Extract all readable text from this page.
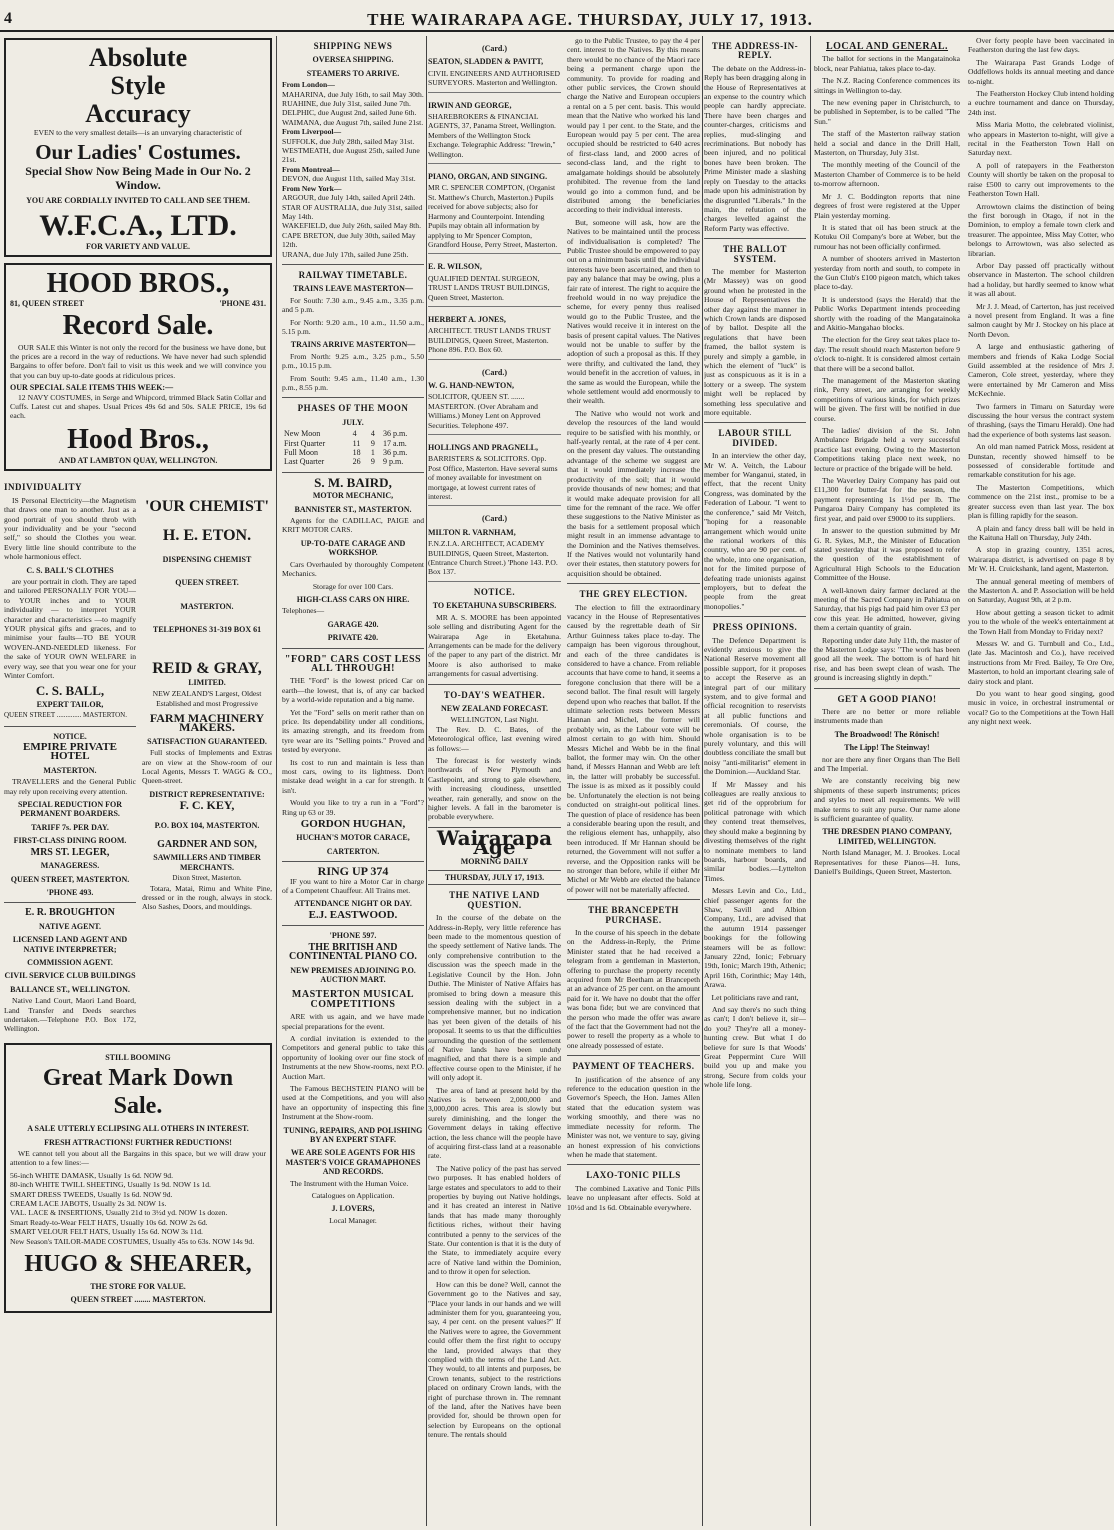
4	THE WAIRARAPA AGE. THURSDAY, JULY 17, 1913.
Absolute
Style
Accuracy

EVEN to the very smallest details—is an unvarying characteristic of

Our Ladies' Costumes.
Special Show Now Being Made in Our No. 2 Window.
YOU ARE CORDIALLY INVITED TO CALL AND SEE THEM.
W.F.C.A., LTD.
FOR VARIETY AND VALUE.
HOOD BROS.,
81, QUEEN STREET	'PHONE 431.
Record Sale.

OUR SALE this Winter is not only the record for the business we have done, but the prices are a record in the way of reductions. We have never had such splendid Bargains to offer before. Don't fail to visit us this week and we will convince you that you can buy up-to-date goods at ridiculous prices.

OUR SPECIAL SALE ITEMS THIS WEEK:—

12 NAVY COSTUMES, in Serge and Whipcord, trimmed Black Satin Collar and Cuffs. Latest cut and shapes. Usual Prices 49s 6d and 50s. SALE PRICE, 19s 6d each.

Hood Bros.,
AND AT LAMBTON QUAY, WELLINGTON.
INDIVIDUALITY

IS Personal Electricity—the Magnetism that draws one man to another. Just as a good portrait of you should throb with your individuality and be your "second self," so should the Clothes you wear. Every little line should contribute to the whole harmonious effect.

C. S. BALL'S CLOTHES

are your portrait in cloth. They are taped and tailored PERSONALLY FOR YOU—to YOUR inches and to YOUR individuality — to interpret YOUR character and characteristics —to magnify YOUR physical gifts and graces, and to minimise your faults—TO BE YOUR WOVEN-AND-NEEDLED likeness. For the sake of YOUR OWN WELFARE in every way, see that you wear one for your Winter Comfort.

C. S. BALL,
EXPERT TAILOR,
QUEEN STREET .............. MASTERTON.
NOTICE.
EMPIRE PRIVATE HOTEL
MASTERTON.

TRAVELLERS and the General Public may rely upon receiving every attention.

SPECIAL REDUCTION FOR PERMANENT BOARDERS.
TARIFF 7s. PER DAY.
FIRST-CLASS DINING ROOM.
MRS ST. LEGER,
MANAGERESS.
QUEEN STREET, MASTERTON.
'PHONE 493.
E. R. BROUGHTON
NATIVE AGENT.
LICENSED LAND AGENT AND NATIVE INTERPRETER;
COMMISSION AGENT.
CIVIL SERVICE CLUB BUILDINGS
BALLANCE ST., WELLINGTON.

Native Land Court, Maori Land Board, Land Transfer and Deeds searches undertaken.—Telephone P.O. Box 172, Wellington.

'OUR CHEMIST'
H. E. ETON.
DISPENSING CHEMIST
QUEEN STREET.
MASTERTON.
TELEPHONES 31-319 BOX 61
REID & GRAY,
LIMITED.

NEW ZEALAND'S Largest, Oldest Established and most Progressive

FARM MACHINERY MAKERS.
SATISFACTION GUARANTEED.

Full stocks of Implements and Extras are on view at the Show-room of our Local Agents, Messrs T. WAGG & CO., Queen-street.

DISTRICT REPRESENTATIVE:
F. C. KEY,
P.O. BOX 104, MASTERTON.
GARDNER AND SON,
SAWMILLERS AND TIMBER MERCHANTS.
Dixon Street, Masterton.

Totara, Matai, Rimu and White Pine, dressed or in the rough, always in stock. Also Sashes, Doors, and mouldings.

STILL BOOMING
Great Mark Down
Sale.
A SALE UTTERLY ECLIPSING ALL OTHERS IN INTEREST.
FRESH ATTRACTIONS! FURTHER REDUCTIONS!

WE cannot tell you about all the Bargains in this space, but we will draw your attention to a few lines:—

56-inch WHITE DAMASK, Usually 1s 6d. NOW 9d.
80-inch WHITE TWILL SHEETING, Usually 1s 9d. NOW 1s 1d.
SMART DRESS TWEEDS, Usually 1s 6d. NOW 9d.
CREAM LACE JABOTS, Usually 2s 3d. NOW 1s.
VAL. LACE & INSERTIONS, Usually 21d to 3½d yd. NOW 1s dozen.
Smart Ready-to-Wear FELT HATS, Usually 10s 6d. NOW 2s 6d.
SMART VELOUR FELT HATS, Usually 15s 6d. NOW 3s 11d.
New Season's TAILOR-MADE COSTUMES, Usually 45s to 63s. NOW 14s 9d.
HUGO & SHEARER,
THE STORE FOR VALUE.
QUEEN STREET ........ MASTERTON.
SHIPPING NEWS
OVERSEA SHIPPING.
STEAMERS TO ARRIVE.
From London—
MAHARINA, due July 16th, to sail May 30th.
RUAHINE, due July 31st, sailed June 7th.
DELPHIC, due August 2nd, sailed June 6th.
WAIMANA, due August 7th, sailed June 21st.
From Liverpool—
SUFFOLK, due July 28th, sailed May 31st.
WESTMEATH, due August 25th, sailed June 21st.
From Montreal—
DEVON, due August 11th, sailed May 31st.
From New York—
ARGOUR, due July 14th, sailed April 24th.
STAR OF AUSTRALIA, due July 31st, sailed May 14th.
WAKEFIELD, due July 26th, sailed May 8th.
CAPE BRETON, due July 30th, sailed May 12th.
URANA, due July 17th, sailed June 25th.
RAILWAY TIMETABLE.
TRAINS LEAVE MASTERTON—

For South: 7.30 a.m., 9.45 a.m., 3.35 p.m. and 5 p.m.

For North: 9.20 a.m., 10 a.m., 11.50 a.m., 5.15 p.m.

TRAINS ARRIVE MASTERTON—

From North: 9.25 a.m., 3.25 p.m., 5.50 p.m., 10.15 p.m.

From South: 9.45 a.m., 11.40 a.m., 1.30 p.m., 8.55 p.m.

PHASES OF THE MOON
JULY.
New Moon	4	4	36 p.m.
First Quarter	11	9	17 a.m.
Full Moon	18	1	36 p.m.
Last Quarter	26	9	9 p.m.
S. M. BAIRD,
MOTOR MECHANIC,
BANNISTER ST., MASTERTON.

Agents for the CADILLAC, PAIGE and KRIT MOTOR CARS.

UP-TO-DATE CARAGE AND WORKSHOP.

Cars Overhauled by thoroughly Competent Mechanics.

Storage for over 100 Cars.
HIGH-CLASS CARS ON HIRE.
Telephones—
GARAGE 420.
PRIVATE 420.
"FORD" CARS COST LESS ALL THROUGH!

THE "Ford" is the lowest priced Car on earth—the lowest, that is, of any car backed by a world-wide reputation and a big name.

Yet the "Ford" sells on merit rather than on price. Its dependability under all conditions, its amazing strength, and its freedom from tyre wear are its "Selling points." Proved and tested by everyone.

Its cost to run and maintain is less than most cars, owing to its lightness. Don't mistake dead weight in a car for strength. It isn't.

Would you like to try a run in a "Ford"? Ring up 63 or 39.

GORDON HUGHAN,
HUCHAN'S MOTOR CARACE,
CARTERTON.
RING UP 374

IF you want to hire a Motor Car in charge of a Competent Chauffeur. All Trains met.

ATTENDANCE NIGHT OR DAY.
E.J. EASTWOOD.
'PHONE 597.
THE BRITISH AND CONTINENTAL PIANO CO.
NEW PREMISES ADJOINING P.O. AUCTION MART.
MASTERTON MUSICAL COMPETITIONS

ARE with us again, and we have made special preparations for the event.

A cordial invitation is extended to the Competitors and general public to take this opportunity of looking over our fine stock of Instruments at the new Show-rooms, next P.O. Auction Mart.

The Famous BECHSTEIN PIANO will be used at the Competitions, and you will also have an opportunity of inspecting this fine Instrument at the Show-room.

TUNING, REPAIRS, AND POLISHING BY AN EXPERT STAFF.
WE ARE SOLE AGENTS FOR HIS MASTER'S VOICE GRAMAPHONES AND RECORDS.

The Instrument with the Human Voice.

Catalogues on Application.
J. LOVERS,
Local Manager.
(Card.)
SEATON, SLADDEN & PAVITT,
CIVIL ENGINEERS AND AUTHORISED SURVEYORS. Masterton and Wellington.
IRWIN AND GEORGE,
SHAREBROKERS & FINANCIAL AGENTS, 37, Panama Street, Wellington. Members of the Wellington Stock Exchange. Telegraphic Address: "Irewin," Wellington.
PIANO, ORGAN, AND SINGING.
MR C. SPENCER COMPTON, (Organist St. Matthew's Church, Masterton.) Pupils received for above subjects; also for Harmony and Counterpoint. Intending Pupils may obtain all information by applying to Mr Spencer Compton, Grandford House, Perry Street, Masterton.
E. R. WILSON,
QUALIFIED DENTAL SURGEON, TRUST LANDS TRUST BUILDINGS, Queen Street, Masterton.
HERBERT A. JONES,
ARCHITECT. TRUST LANDS TRUST BUILDINGS, Queen Street, Masterton. Phone 896. P.O. Box 60.
(Card.)
W. G. HAND-NEWTON,
SOLICITOR, QUEEN ST. ....... MASTERTON. (Over Abraham and Williams.) Money Lent on Approved Securities. Telephone 497.
HOLLINGS AND PRAGNELL,
BARRISTERS & SOLICITORS. Opp. Post Office, Masterton. Have several sums of money available for investment on mortgage, at lowest current rates of interest.
(Card.)
MILTON R. VARNHAM,
F.N.Z.I.A. ARCHITECT, ACADEMY BUILDINGS, Queen Street, Masterton. (Entrance Church Street.) 'Phone 143. P.O. Box 137.
NOTICE.
TO EKETAHUNA SUBSCRIBERS.

MR A. S. MOORE has been appointed sole selling and distributing Agent for the Wairarapa Age in Eketahuna. Arrangements can be made for the delivery of the paper to any part of the district. Mr Moore is also authorised to make arrangements for casual advertising.

TO-DAY'S WEATHER.
NEW ZEALAND FORECAST.
WELLINGTON, Last Night.

The Rev. D. C. Bates, of the Meteorological office, last evening wired as follows:—

The forecast is for westerly winds northwards of New Plymouth and Castlepoint, and strong to gale elsewhere, with increasing cloudiness, unsettled weather, rain generally, and snow on the higher levels. A fall in the barometer is probable everywhere.

Wairarapa Age
MORNING DAILY
THURSDAY, JULY 17, 1913.
THE NATIVE LAND QUESTION.

In the course of the debate on the Address-in-Reply, very little reference has been made to the momentous question of the speedy settlement of Native lands. The only comprehensive contribution to the discussion was the speech made in the Legislative Council by the Hon. John Duthie. The Minister of Native Affairs has promised to bring down a measure this session dealing with the subject in a comprehensive manner, but no indication has yet been given of the details of his proposal. It seems to us that the difficulties surrounding the question of the settlement of Native lands have been unduly magnified, and that there is a simple and effective course open to the Minister, if he will only adopt it.

The area of land at present held by the Natives is between 2,000,000 and 3,000,000 acres. This area is slowly but surely diminishing, and the longer the Government delays in taking effective action, the less chance will the people have of acquiring first-class land at a reasonable rate.

The Native policy of the past has served two purposes. It has enabled holders of large estates and speculators to add to their properties by buying out Native holdings, and it has created an interest in Native lands that has made many thoroughly fictitious riches, without their having contributed a penny to the services of the State. Our contention is that it is the duty of the State, to immediately acquire every acre of Native land within the Dominion, and to throw it open for selection.

How can this be done? Well, cannot the Government go to the Natives and say, "Place your lands in our hands and we will administer them for you, guaranteeing you, say, 4 per cent. on the present values?" If the Natives were to agree, the Government could offer them the first right to occupy the land, provided always that they complied with the terms of the Land Act. They would, to all intents and purposes, be Crown tenants, subject to the restrictions placed on ordinary Crown lands, with the right of purchase thrown in. The remnant of the land, after the Natives have been provided for, should be thrown open for selection by Europeans on the optional tenure. The rentals should

go to the Public Trustee, to pay the 4 per cent. interest to the Natives. By this means there would be no chance of the Maori race being a permanent charge upon the community. To provide for roading and other public services, the Crown should charge the Native and European occupiers a rental on a 5 per cent. basis. This would mean that the Native who worked his land would pay 1 per cent. to the State, and the European would pay 5 per cent. The area occupied should be restricted to 640 acres of first-class land, and 2000 acres of second-class land, and the right to amalgamate holdings should be absolutely prohibited. The revenue from the land would go into a common fund, and be distributed among the beneficiaries according to their individual interests.

But, someone will ask, how are the Natives to be maintained until the process of individualisation is completed? The Public Trustee should be empowered to pay out on a minimum basis until the individual interests have been ascertained, and then to pay any balance that may be owing, plus a fair rate of interest. The right to acquire the freehold would in no way prejudice the scheme, for every penny thus realised would go to the Public Trustee, and the Natives would receive it in interest on the basis of present capital values. The Natives would not be unable to suffer by the adoption of such a proposal as this. If they were thrifty, and cultivated the land, they would benefit in the accretion of values, in the same as would the European, while the whole settlement would add enormously to their wealth.

The Native who would not work and develop the resources of the land would require to be satisfied with his monthly, or half-yearly rental, at the rate of 4 per cent. on the present day values. The outstanding advantage of the scheme we suggest are that it would immediately increase the productivity of the soil; that it would provide thousands of new homes; and that it would make adequate provision for all time for the remnant of the race. We offer these suggestions to the Native Minister as the basis for a settlement proposal which might result in an immense advantage to the Dominion and the Natives themselves. If the Natives would not voluntarily hand over their estates, then statutory powers for acquisition should be obtained.

THE GREY ELECTION.

The election to fill the extraordinary vacancy in the House of Representatives caused by the regrettable death of Sir Arthur Guinness takes place to-day. The campaign has been vigorous throughout, and each of the three candidates is considered to have a chance. From reliable accounts that have come to hand, it seems a foregone conclusion that there will be a second ballot. The final result will largely depend upon who reaches that ballot. If the ultimate selection rests between Messrs Hannan and Michel, the former will probably win, as the Labour vote will be almost certain to go with him. Should Messrs Michel and Webb be in the final ballot, the former may win. On the other hand, if Messrs Hannan and Webb are left in, the latter will probably be successful. The issue is as mixed as it possibly could be. Unfortunately the election is not being conducted on straight-out political lines. The question of place of residence has been a considerable bearing upon the result, and the religious element has, unhappily, also been introduced. If Mr Hannan should be returned, the Government will not suffer a reverse, and the Opposition ranks will be no stronger than before, while if either Mr Michel or Mr Webb are elected the balance of power will not be materially affected.

THE BRANCEPETH PURCHASE.

In the course of his speech in the debate on the Address-in-Reply, the Prime Minister stated that he had received a telegram from a gentleman in Masterton, offering to purchase the property recently acquired from Mr Beetham at Brancepeth at an advance of 25 per cent. on the amount paid for it. We have no doubt that the offer was bona fide; but we are convinced that the person who made the offer was aware of the fact that the Government had not the power to resell the property as a whole to one already possessed of estate.

PAYMENT OF TEACHERS.

In justification of the absence of any reference to the education question in the Governor's Speech, the Hon. James Allen stated that the education system was working smoothly, and there was no immediate necessity for reform. The Minister was not, we venture to say, giving an honest expression of his convictions when he made that statement.

LAXO-TONIC PILLS

The combined Laxative and Tonic Pills leave no unpleasant after effects. Sold at 10½d and 1s 6d. Obtainable everywhere.

THE ADDRESS-IN-REPLY.

The debate on the Address-in-Reply has been dragging along in the House of Representatives at an expense to the country which people can hardly appreciate. There have been charges and counter-charges, criticisms and replies, mud-slinging and recriminations. But nobody has been injured, and no political bones have been broken. The Prime Minister made a slashing reply on Tuesday to the attacks made upon his administration by the disgruntled "Liberals." In the main, the refutation of the charges levelled against the Reform Party was effective.

THE BALLOT SYSTEM.

The member for Masterton (Mr Massey) was on good ground when he protested in the House of Representatives the other day against the manner in which Crown lands are disposed of by ballot. Despite all the regulations that have been framed, the ballot system is purely and simply a gamble, in which the element of "luck" is just as conspicuous as it is in a lottery or a sweep. The system might well be replaced by something less speculative and more equitable.

LABOUR STILL DIVIDED.

In an interview the other day, Mr W. A. Veitch, the Labour member for Wanganui, stated, in effect, that the recent Unity Congress, was dominated by the Federation of Labour. "I went to the conference," said Mr Veitch, "hoping for a reasonable arrangement which would unite the rational workers of this country, who are 90 per cent. of the whole, into one organisation, not for the limited purpose of defeating trade unionists against employers, but to defeat the people from the great monopolies."

PRESS OPINIONS.

The Defence Department is evidently anxious to give the National Reserve movement all possible support, for it proposes to accept the Reserve as an integral part of our military system, and to give formal and official recognition to reservists at all public functions and ceremonials. Of course, the whole organisation is to be purely voluntary, and this will doubtless conciliate the small but noisy "anti-militarist" element in the Dominion.—Auckland Star.

If Mr Massey and his colleagues are really anxious to get rid of the opprobrium for political patronage with which they contend treat themselves, they should make a beginning by divesting themselves of the right to nominate members to land boards, harbour boards, and similar bodies.—Lyttelton Times.

Messrs Levin and Co., Ltd., chief passenger agents for the Shaw, Savill and Albion Company, Ltd., are advised that the autumn 1914 passenger bookings for the following steamers will be as follow: January 22nd, Ionic; February 19th, Ionic; March 19th, Athenic; April 16th, Corinthic; May 14th, Arawa.

Let politicians rave and rant,

And say there's no such thing as can't; I don't believe it, sir—do you? They're all a money-hunting crew. But what I do believe for sure Is that Woods' Great Peppermint Cure Will build you up and make you strong, Secure from colds your whole life long.

LOCAL AND GENERAL.

The ballot for sections in the Mangatainoka block, near Pahiatua, takes place to-day.

The N.Z. Racing Conference commences its sittings in Wellington to-day.

The new evening paper in Christchurch, to be published in September, is to be called "The Sun."

The staff of the Masterton railway station held a social and dance in the Drill Hall, Masterton, on Thursday, July 31st.

The monthly meeting of the Council of the Masterton Chamber of Commerce is to be held to-morrow afternoon.

Mr J. C. Boddington reports that nine degrees of frost were registered at the Upper Plain yesterday morning.

It is stated that oil has been struck at the Kotuku Oil Company's bore at Weber, but the rumour has not been officially confirmed.

A number of shooters arrived in Masterton yesterday from north and south, to compete in the Gun Club's £100 pigeon match, which takes place to-day.

It is understood (says the Herald) that the Public Works Department intends proceeding shortly with the roading of the Mangatainoka and Akitio-Mangahao blocks.

The election for the Grey seat takes place to-day. The result should reach Masterton before 9 o'clock to-night. It is considered almost certain that there will be a second ballot.

The management of the Masterton skating rink, Perry street, are arranging for weekly competitions of various kinds, for which prizes will be given. The first will be notified in due course.

The ladies' division of the St. John Ambulance Brigade held a very successful practice last evening. Owing to the Masterton Competitions taking place next week, no lecture or practice of the brigade will be held.

The Waverley Dairy Company has paid out £11,300 for butter-fat for the season, the payment representing 1s 1½d per lb. The Pungaroa Dairy Company has completed its first year, and paid over £9000 to its suppliers.

In answer to the question submitted by Mr G. R. Sykes, M.P., the Minister of Education stated yesterday that it was proposed to refer the question of the establishment of Agricultural High Schools to the Education Committee of the House.

A well-known dairy farmer declared at the meeting of the Sacred Company in Pahiatua on Saturday, that his pigs had paid him over £3 per cow this year. He admitted, however, giving them a certain quantity of grain.

Reporting under date July 11th, the master of the Masterton Lodge says: "The work has been good all the week. The bottom is of hard hit rise, and has been swept clean of wash. The ground is increasing slightly in depth."

GET A GOOD PIANO!

There are no better or more reliable instruments made than

The Broadwood! The Rönisch!
The Lipp! The Steinway!

nor are there any finer Organs than The Bell and The Imperial.

We are constantly receiving big new shipments of these superb instruments; prices and styles to meet all requirements. We will make terms to suit any purse. Our name alone is sufficient guarantee of quality.

THE DRESDEN PIANO COMPANY, LIMITED, WELLINGTON.

North Island Manager, M. J. Brookes. Local Representatives for these Pianos—H. Iuns, Daniell's Buildings, Queen Street, Masterton.

Over forty people have been vaccinated in Featherston during the last few days.

The Wairarapa Past Grands Lodge of Oddfellows holds its annual meeting and dance to-night.

The Featherston Hockey Club intend holding a euchre tournament and dance on Thursday, 24th inst.

Miss Maria Motto, the celebrated violinist, who appears in Masterton to-night, will give a recital in the Featherston Town Hall on Saturday next.

A poll of ratepayers in the Featherston County will shortly be taken on the proposal to raise £500 to carry out improvements to the Featherston Town Hall.

Arrowtown claims the distinction of being the first borough in Otago, if not in the Dominion, to employ a female town clerk and treasurer. The appointee, Miss May Cotter, who belongs to Arrowtown, was also selected as librarian.

Arbor Day passed off practically without observance in Masterton. The school children had a holiday, but hardly seemed to know what it was all about.

Mr J. J. Mead, of Carterton, has just received a novel present from England. It was a fine salmon caught by Mr J. Stockey on his place at North Devon.

A large and enthusiastic gathering of members and friends of Kaka Lodge Social Guild assembled at the residence of Mrs J. Cameron, Cole street, yesterday, where they were entertained by Mr Cameron and Miss McKechnie.

Two farmers in Timaru on Saturday were discussing the hour versus the contract system of thrashing, (says the Timaru Herald). One had had the experience of both systems last season.

An old man named Patrick Moss, resident at Dunstan, recently showed himself to be possessed of considerable fortitude and remarkable constitution for his age.

The Masterton Competitions, which commence on the 21st inst., promise to be a greater success even than last year. The box plan is filling rapidly for the season.

A plain and fancy dress ball will be held in the Kaituna Hall on Thursday, July 24th.

A stop in grazing country, 1351 acres, Wairarapa district, is advertised on page 8 by Mr W. H. Cruickshank, land agent, Masterton.

The annual general meeting of members of the Masterton A. and P. Association will be held on Saturday, August 9th, at 2 p.m.

How about getting a season ticket to admit you to the whole of the week's entertainment at the Town Hall from Monday to Friday next?

Messrs W. and G. Turnbull and Co., Ltd., (late Jas. Macintosh and Co.), have received instructions from Mr Fred. Bailey, Te Ore Ore, Masterton, to hold an important clearing sale of dairy stock and plant.

Do you want to hear good singing, good music in voice, in orchestral instrumental or vocal? Go to the Competitions at the Town Hall any night next week.
